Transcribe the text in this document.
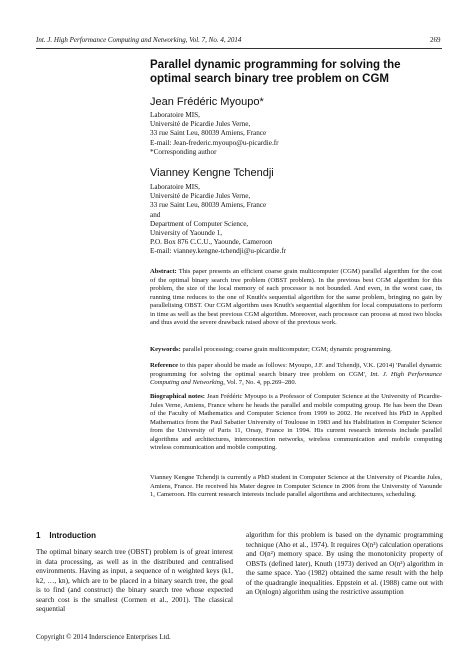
Int. J. High Performance Computing and Networking, Vol. 7, No. 4, 2014	269
Parallel dynamic programming for solving the optimal search binary tree problem on CGM
Jean Frédéric Myoupo*
Laboratoire MIS,
Université de Picardie Jules Verne,
33 rue Saint Leu, 80039 Amiens, France
E-mail: Jean-frederic.myoupo@u-picardie.fr
*Corresponding author
Vianney Kengne Tchendji
Laboratoire MIS,
Université de Picardie Jules Verne,
33 rue Saint Leu, 80039 Amiens, France
and
Department of Computer Science,
University of Yaounde 1,
P.O. Box 876 C.C.U., Yaounde, Cameroon
E-mail: vianney.kengne-tchendji@u-picardie.fr
Abstract: This paper presents an efficient coarse grain multicomputer (CGM) parallel algorithm for the cost of the optimal binary search tree problem (OBST problem). In the previous best CGM algorithm for this problem, the size of the local memory of each processor is not bounded. And even, in the worst case, its running time reduces to the one of Knuth's sequential algorithm for the same problem, bringing no gain by parallelising OBST. Our CGM algorithm uses Knuth's sequential algorithm for local computations to perform in time as well as the best previous CGM algorithm. Moreover, each processor can process at most two blocks and thus avoid the severe drawback raised above of the previous work.
Keywords: parallel processing; coarse grain multicomputer; CGM; dynamic programming.
Reference to this paper should be made as follows: Myoupo, J.F. and Tchendji, V.K. (2014) 'Parallel dynamic programming for solving the optimal search binary tree problem on CGM', Int. J. High Performance Computing and Networking, Vol. 7, No. 4, pp.269–280.
Biographical notes: Jean Frédéric Myoupo is a Professor of Computer Science at the University of Picardie-Jules Verne, Amiens, France where he heads the parallel and mobile computing group. He has been the Dean of the Faculty of Mathematics and Computer Science from 1999 to 2002. He received his PhD in Applied Mathematics from the Paul Sabatier University of Toulouse in 1983 and his Habilitation in Computer Science from the University of Paris 11, Orsay, France in 1994. His current research interests include parallel algorithms and architectures, interconnection networks, wireless communication and mobile computing wireless communication and mobile computing.
Vianney Kengne Tchendji is currently a PhD student in Computer Science at the University of Picardie Jules, Amiens, France. He received his Mater degree in Computer Science in 2006 from the University of Yaounde 1, Cameroon. His current research interests include parallel algorithms and architectures, scheduling.
1 Introduction
The optimal binary search tree (OBST) problem is of great interest in data processing, as well as in the distributed and centralised environments. Having as input, a sequence of n weighted keys (k1, k2, …, kn), which are to be placed in a binary search tree, the goal is to find (and construct) the binary search tree whose expected search cost is the smallest (Cormen et al., 2001). The classical sequential
algorithm for this problem is based on the dynamic programming technique (Aho et al., 1974). It requires O(n³) calculation operations and O(n²) memory space. By using the monotonicity property of OBSTs (defined later), Knuth (1973) derived an O(n²) algorithm in the same space. Yao (1982) obtained the same result with the help of the quadrangle inequalities. Eppstein et al. (1988) came out with an O(nlogn) algorithm using the restrictive assumption
Copyright © 2014 Inderscience Enterprises Ltd.
